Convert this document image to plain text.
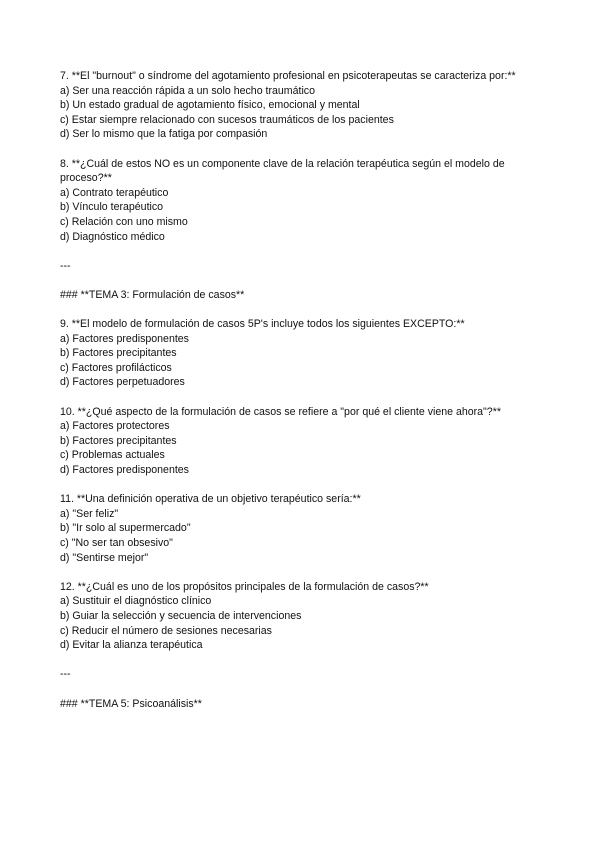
7. **El "burnout" o síndrome del agotamiento profesional en psicoterapeutas se caracteriza por:**
a) Ser una reacción rápida a un solo hecho traumático
b) Un estado gradual de agotamiento físico, emocional y mental
c) Estar siempre relacionado con sucesos traumáticos de los pacientes
d) Ser lo mismo que la fatiga por compasión
8. **¿Cuál de estos NO es un componente clave de la relación terapéutica según el modelo de proceso?**
a) Contrato terapéutico
b) Vínculo terapéutico
c) Relación con uno mismo
d) Diagnóstico médico
---
### **TEMA 3: Formulación de casos**
9. **El modelo de formulación de casos 5P's incluye todos los siguientes EXCEPTO:**
a) Factores predisponentes
b) Factores precipitantes
c) Factores profilácticos
d) Factores perpetuadores
10. **¿Qué aspecto de la formulación de casos se refiere a "por qué el cliente viene ahora"?**
a) Factores protectores
b) Factores precipitantes
c) Problemas actuales
d) Factores predisponentes
11. **Una definición operativa de un objetivo terapéutico sería:**
a) "Ser feliz"
b) "Ir solo al supermercado"
c) "No ser tan obsesivo"
d) "Sentirse mejor"
12. **¿Cuál es uno de los propósitos principales de la formulación de casos?**
a) Sustituir el diagnóstico clínico
b) Guiar la selección y secuencia de intervenciones
c) Reducir el número de sesiones necesarias
d) Evitar la alianza terapéutica
---
### **TEMA 5: Psicoanálisis**
